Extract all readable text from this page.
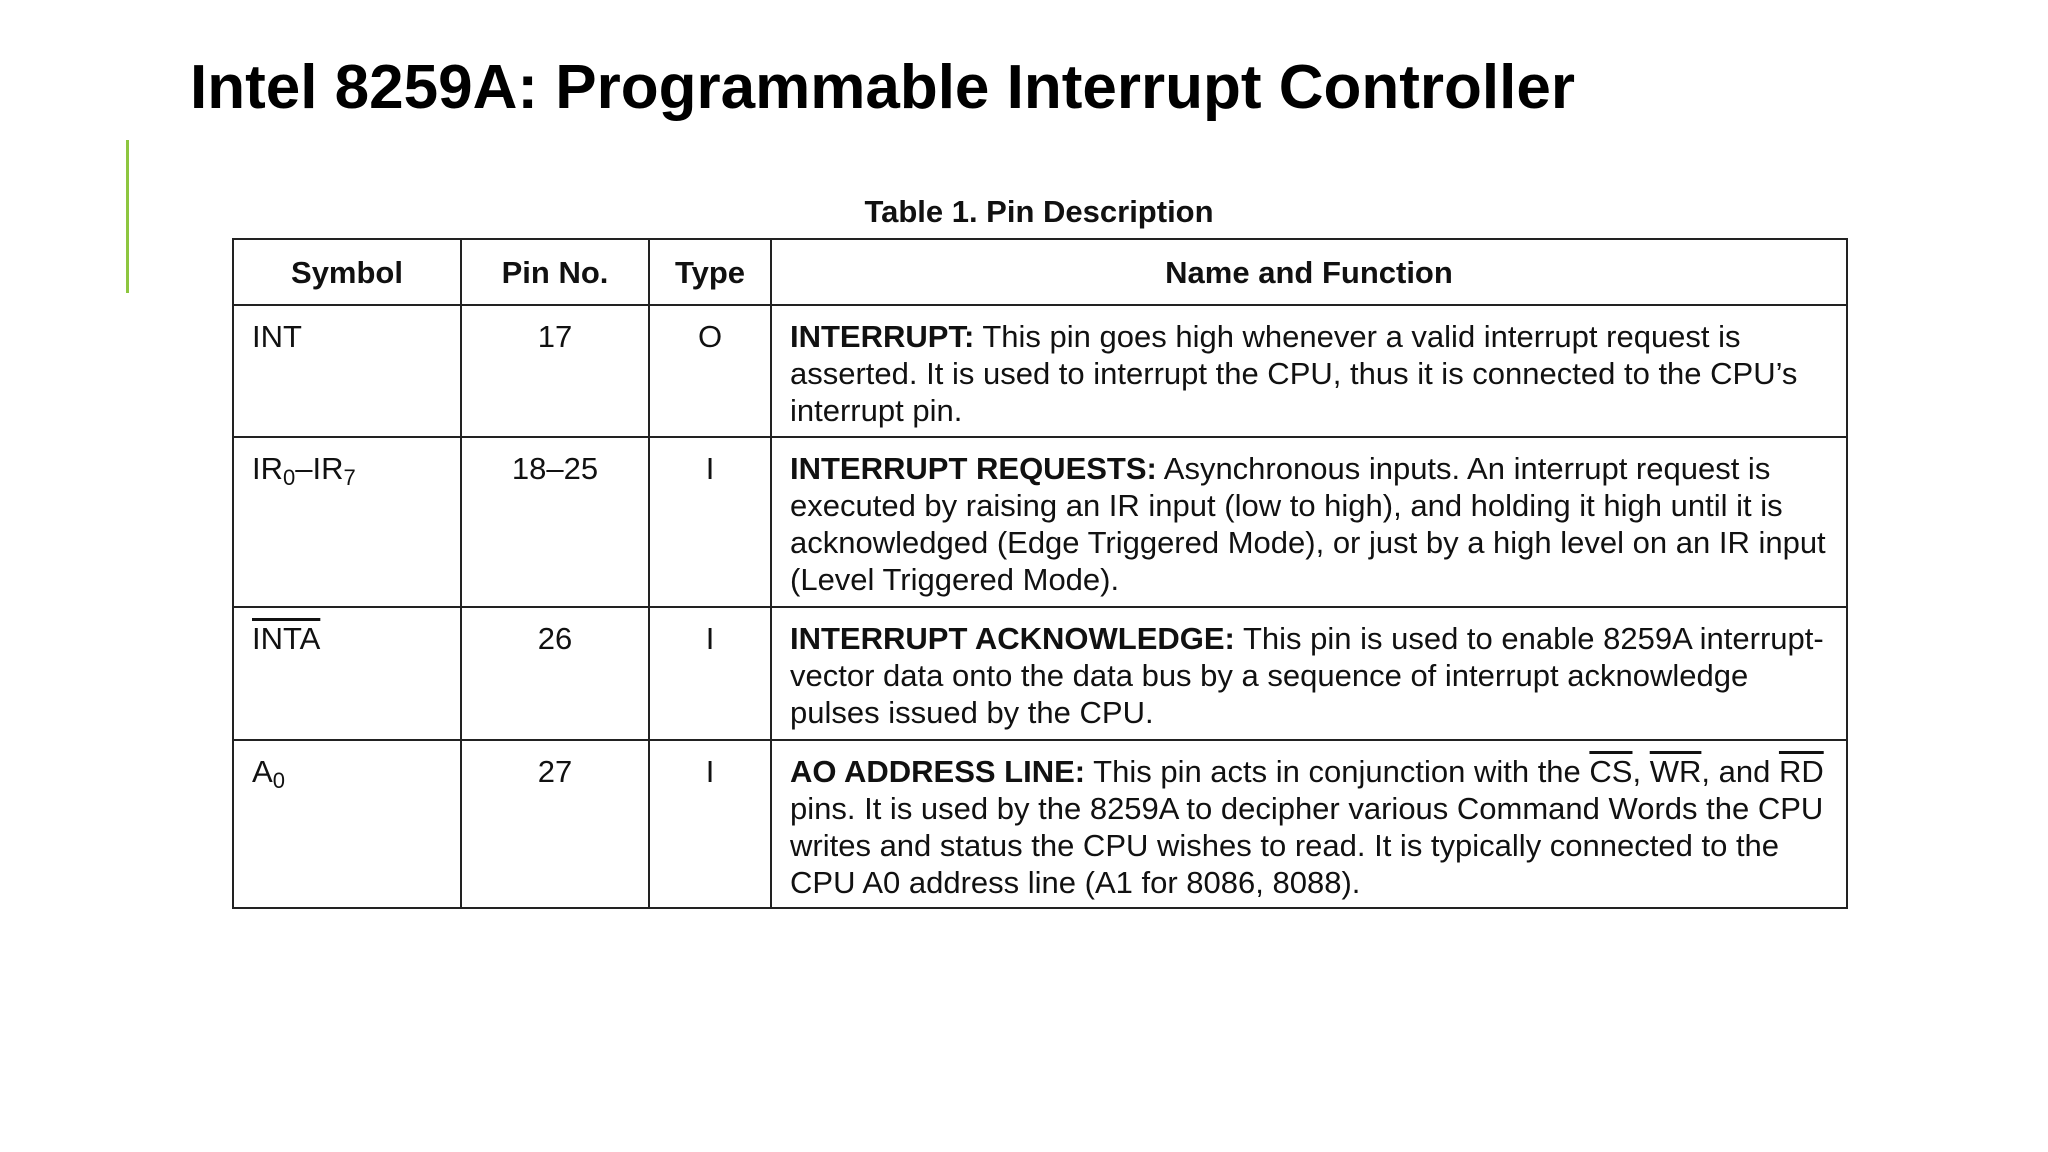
Intel 8259A: Programmable Interrupt Controller
Table 1. Pin Description
Symbol	Pin No.	Type	Name and Function
INT	17	O	INTERRUPT: This pin goes high whenever a valid interrupt request is asserted. It is used to interrupt the CPU, thus it is connected to the CPU’s interrupt pin.
$IR_0-IR_7$	18–25	I	INTERRUPT REQUESTS: Asynchronous inputs. An interrupt request is executed by raising an IR input (low to high), and holding it high until it is acknowledged (Edge Triggered Mode), or just by a high level on an IR input (Level Triggered Mode).
INTA	26	I	INTERRUPT ACKNOWLEDGE: This pin is used to enable 8259A interrupt-vector data onto the data bus by a sequence of interrupt acknowledge pulses issued by the CPU.
$A_0$	27	I	AO ADDRESS LINE: This pin acts in conjunction with the $\overline{CS}$, $\overline{WR}$, and $\overline{RD}$ pins. It is used by the 8259A to decipher various Command Words the CPU writes and status the CPU wishes to read. It is typically connected to the CPU A0 address line (A1 for 8086, 8088).
